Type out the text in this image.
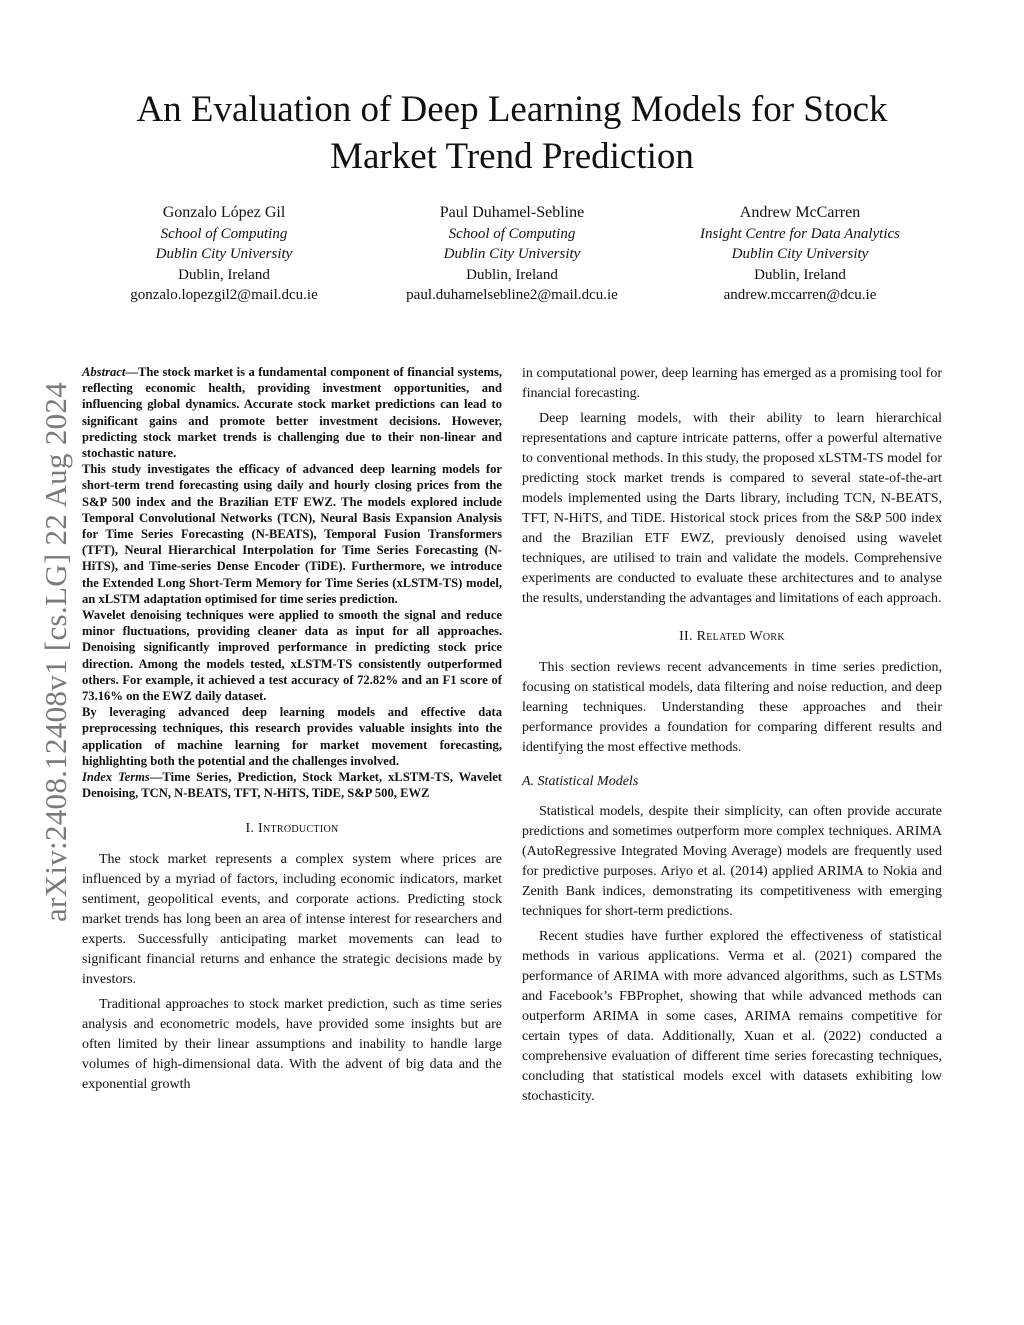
An Evaluation of Deep Learning Models for Stock Market Trend Prediction
Gonzalo López Gil
School of Computing
Dublin City University
Dublin, Ireland
gonzalo.lopezgil2@mail.dcu.ie
Paul Duhamel-Sebline
School of Computing
Dublin City University
Dublin, Ireland
paul.duhamelsebline2@mail.dcu.ie
Andrew McCarren
Insight Centre for Data Analytics
Dublin City University
Dublin, Ireland
andrew.mccarren@dcu.ie
arXiv:2408.12408v1 [cs.LG] 22 Aug 2024

Abstract—The stock market is a fundamental component of financial systems, reflecting economic health, providing investment opportunities, and influencing global dynamics. Accurate stock market predictions can lead to significant gains and promote better investment decisions. However, predicting stock market trends is challenging due to their non-linear and stochastic nature.

This study investigates the efficacy of advanced deep learning models for short-term trend forecasting using daily and hourly closing prices from the S&P 500 index and the Brazilian ETF EWZ. The models explored include Temporal Convolutional Networks (TCN), Neural Basis Expansion Analysis for Time Series Forecasting (N-BEATS), Temporal Fusion Transformers (TFT), Neural Hierarchical Interpolation for Time Series Forecasting (N-HiTS), and Time-series Dense Encoder (TiDE). Furthermore, we introduce the Extended Long Short-Term Memory for Time Series (xLSTM-TS) model, an xLSTM adaptation optimised for time series prediction.

Wavelet denoising techniques were applied to smooth the signal and reduce minor fluctuations, providing cleaner data as input for all approaches. Denoising significantly improved performance in predicting stock price direction. Among the models tested, xLSTM-TS consistently outperformed others. For example, it achieved a test accuracy of 72.82% and an F1 score of 73.16% on the EWZ daily dataset.

By leveraging advanced deep learning models and effective data preprocessing techniques, this research provides valuable insights into the application of machine learning for market movement forecasting, highlighting both the potential and the challenges involved.

Index Terms—Time Series, Prediction, Stock Market, xLSTM-TS, Wavelet Denoising, TCN, N-BEATS, TFT, N-HiTS, TiDE, S&P 500, EWZ

I. Introduction

The stock market represents a complex system where prices are influenced by a myriad of factors, including economic indicators, market sentiment, geopolitical events, and corporate actions. Predicting stock market trends has long been an area of intense interest for researchers and experts. Successfully anticipating market movements can lead to significant financial returns and enhance the strategic decisions made by investors.

Traditional approaches to stock market prediction, such as time series analysis and econometric models, have provided some insights but are often limited by their linear assumptions and inability to handle large volumes of high-dimensional data. With the advent of big data and the exponential growth

in computational power, deep learning has emerged as a promising tool for financial forecasting.

Deep learning models, with their ability to learn hierarchical representations and capture intricate patterns, offer a powerful alternative to conventional methods. In this study, the proposed xLSTM-TS model for predicting stock market trends is compared to several state-of-the-art models implemented using the Darts library, including TCN, N-BEATS, TFT, N-HiTS, and TiDE. Historical stock prices from the S&P 500 index and the Brazilian ETF EWZ, previously denoised using wavelet techniques, are utilised to train and validate the models. Comprehensive experiments are conducted to evaluate these architectures and to analyse the results, understanding the advantages and limitations of each approach.

II. Related Work

This section reviews recent advancements in time series prediction, focusing on statistical models, data filtering and noise reduction, and deep learning techniques. Understanding these approaches and their performance provides a foundation for comparing different results and identifying the most effective methods.

A. Statistical Models

Statistical models, despite their simplicity, can often provide accurate predictions and sometimes outperform more complex techniques. ARIMA (AutoRegressive Integrated Moving Average) models are frequently used for predictive purposes. Ariyo et al. (2014) applied ARIMA to Nokia and Zenith Bank indices, demonstrating its competitiveness with emerging techniques for short-term predictions.

Recent studies have further explored the effectiveness of statistical methods in various applications. Verma et al. (2021) compared the performance of ARIMA with more advanced algorithms, such as LSTMs and Facebook’s FBProphet, showing that while advanced methods can outperform ARIMA in some cases, ARIMA remains competitive for certain types of data. Additionally, Xuan et al. (2022) conducted a comprehensive evaluation of different time series forecasting techniques, concluding that statistical models excel with datasets exhibiting low stochasticity.
